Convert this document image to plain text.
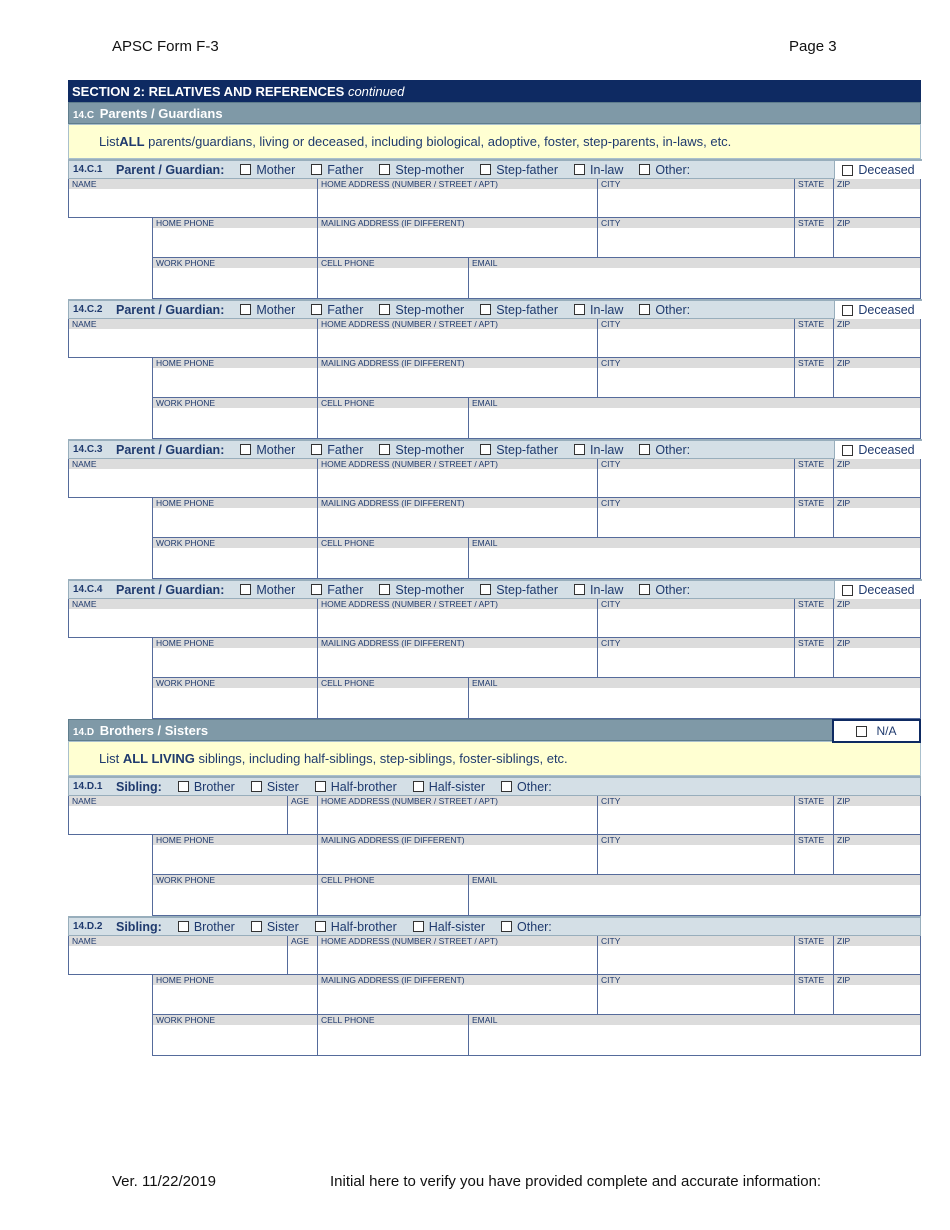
APSC Form F-3	Page 3
SECTION 2: RELATIVES AND REFERENCES continued
14.C Parents / Guardians
List ALL parents/guardians, living or deceased, including biological, adoptive, foster, step-parents, in-laws, etc.
14.C.1	Parent / Guardian:	Mother	Father	Step-mother	Step-father	In-law	Other:	Deceased
NAME	HOME ADDRESS (NUMBER / STREET / APT)	CITY	STATE	ZIP
HOME PHONE	MAILING ADDRESS (IF DIFFERENT)	CITY	STATE	ZIP
WORK PHONE	CELL PHONE	EMAIL
14.C.2	Parent / Guardian:	Mother	Father	Step-mother	Step-father	In-law	Other:	Deceased
NAME	HOME ADDRESS (NUMBER / STREET / APT)	CITY	STATE	ZIP
HOME PHONE	MAILING ADDRESS (IF DIFFERENT)	CITY	STATE	ZIP
WORK PHONE	CELL PHONE	EMAIL
14.C.3	Parent / Guardian:	Mother	Father	Step-mother	Step-father	In-law	Other:	Deceased
NAME	HOME ADDRESS (NUMBER / STREET / APT)	CITY	STATE	ZIP
HOME PHONE	MAILING ADDRESS (IF DIFFERENT)	CITY	STATE	ZIP
WORK PHONE	CELL PHONE	EMAIL
14.C.4	Parent / Guardian:	Mother	Father	Step-mother	Step-father	In-law	Other:	Deceased
NAME	HOME ADDRESS (NUMBER / STREET / APT)	CITY	STATE	ZIP
HOME PHONE	MAILING ADDRESS (IF DIFFERENT)	CITY	STATE	ZIP
WORK PHONE	CELL PHONE	EMAIL
14.D Brothers / Sisters	N/A
List ALL LIVING siblings, including half-siblings, step-siblings, foster-siblings, etc.
14.D.1	Sibling:	Brother	Sister	Half-brother	Half-sister	Other:
NAME	AGE	HOME ADDRESS (NUMBER / STREET / APT)	CITY	STATE	ZIP
HOME PHONE	MAILING ADDRESS (IF DIFFERENT)	CITY	STATE	ZIP
WORK PHONE	CELL PHONE	EMAIL
14.D.2	Sibling:	Brother	Sister	Half-brother	Half-sister	Other:
NAME	AGE	HOME ADDRESS (NUMBER / STREET / APT)	CITY	STATE	ZIP
HOME PHONE	MAILING ADDRESS (IF DIFFERENT)	CITY	STATE	ZIP
WORK PHONE	CELL PHONE	EMAIL
Ver. 11/22/2019	Initial here to verify you have provided complete and accurate information:
